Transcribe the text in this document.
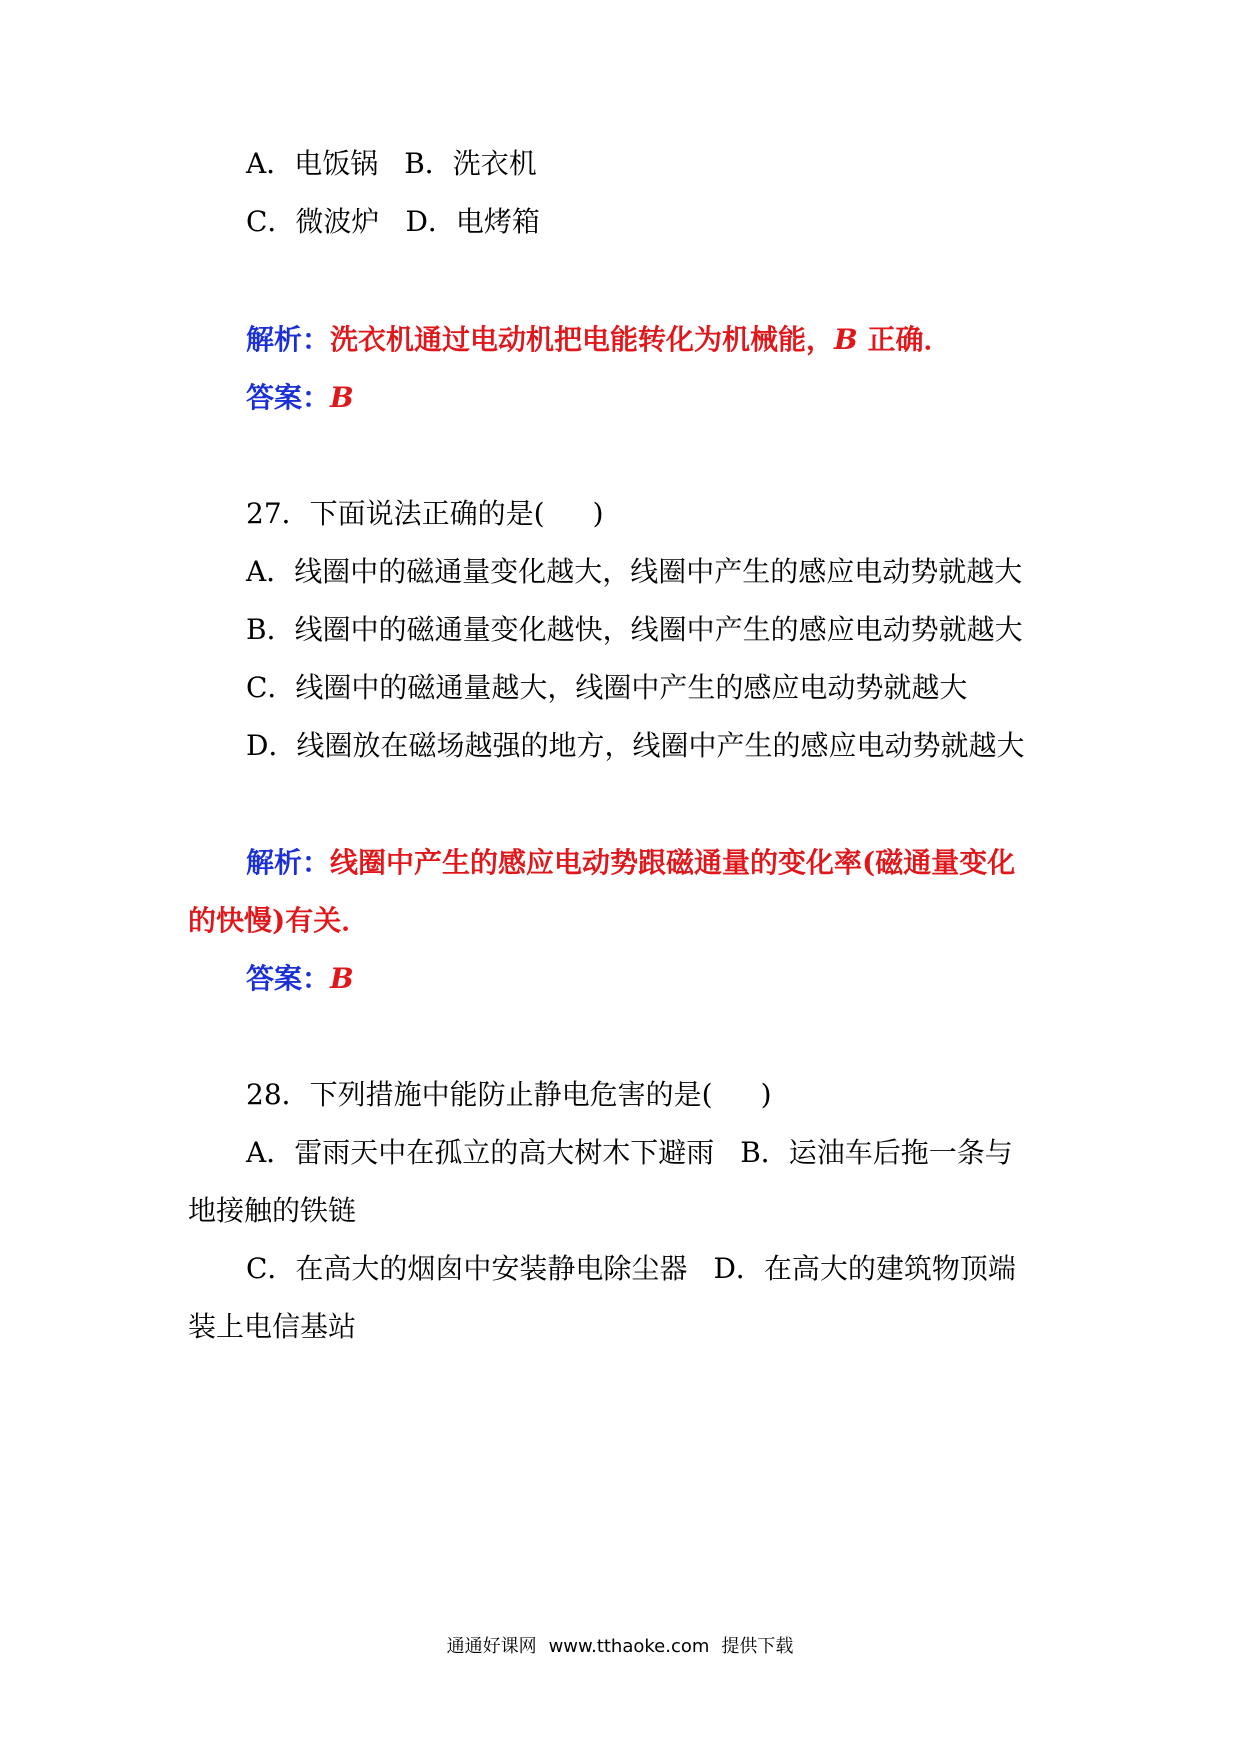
A．电饭锅 B．洗衣机
C．微波炉 D．电烤箱
解析：洗衣机通过电动机把电能转化为机械能，B 正确．
答案：B
27．下面说法正确的是( )
A．线圈中的磁通量变化越大，线圈中产生的感应电动势就越大
B．线圈中的磁通量变化越快，线圈中产生的感应电动势就越大
C．线圈中的磁通量越大，线圈中产生的感应电动势就越大
D．线圈放在磁场越强的地方，线圈中产生的感应电动势就越大
解析：线圈中产生的感应电动势跟磁通量的变化率(磁通量变化
的快慢)有关．
答案：B
28．下列措施中能防止静电危害的是( )
A．雷雨天中在孤立的高大树木下避雨 B．运油车后拖一条与
地接触的铁链
C．在高大的烟囱中安装静电除尘器 D．在高大的建筑物顶端
装上电信基站
通通好课网 www.tthaoke.com 提供下载
